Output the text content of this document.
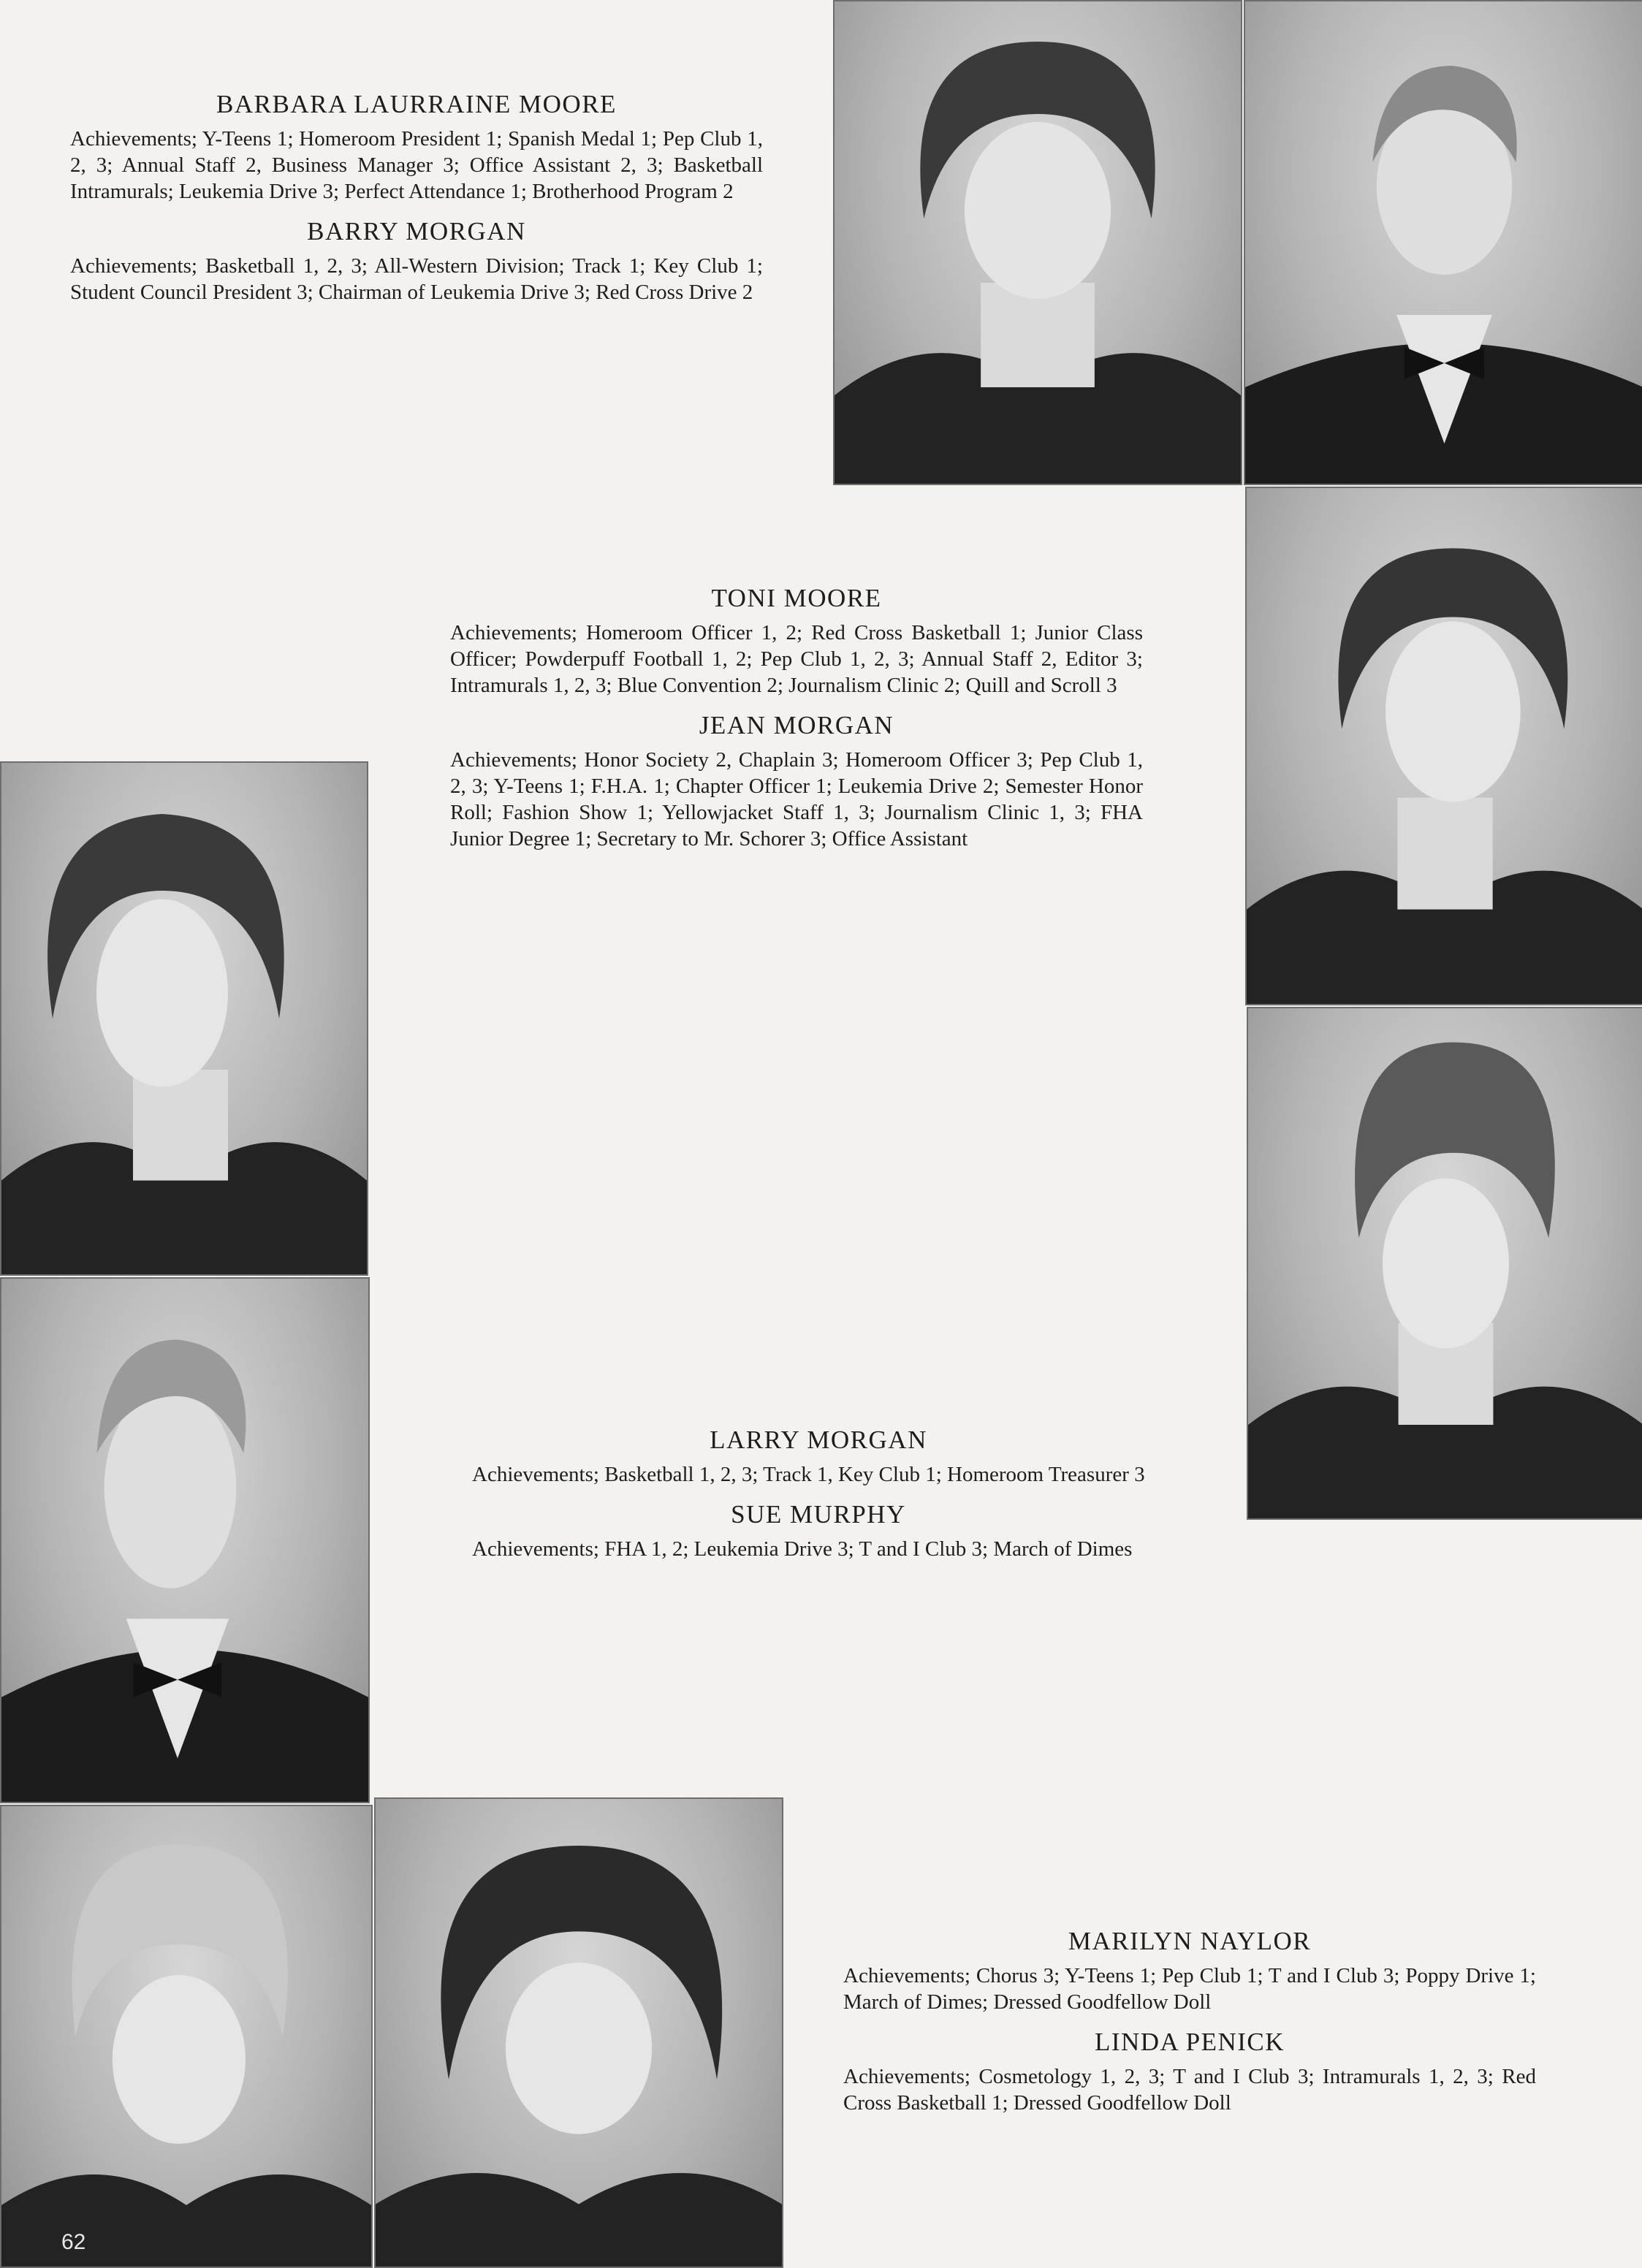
BARBARA LAURRAINE MOORE
Achievements; Y-Teens 1; Homeroom President 1; Spanish Medal 1; Pep Club 1, 2, 3; Annual Staff 2, Business Manager 3; Office Assistant 2, 3; Basketball Intramurals; Leukemia Drive 3; Perfect Attendance 1; Brotherhood Program 2
BARRY MORGAN
Achievements; Basketball 1, 2, 3; All-Western Division; Track 1; Key Club 1; Student Council President 3; Chairman of Leukemia Drive 3; Red Cross Drive 2
TONI MOORE
Achievements; Homeroom Officer 1, 2; Red Cross Basketball 1; Junior Class Officer; Powderpuff Football 1, 2; Pep Club 1, 2, 3; Annual Staff 2, Editor 3; Intramurals 1, 2, 3; Blue Convention 2; Journalism Clinic 2; Quill and Scroll 3
JEAN MORGAN
Achievements; Honor Society 2, Chaplain 3; Homeroom Officer 3; Pep Club 1, 2, 3; Y-Teens 1; F.H.A. 1; Chapter Officer 1; Leukemia Drive 2; Semester Honor Roll; Fashion Show 1; Yellowjacket Staff 1, 3; Journalism Clinic 1, 3; FHA Junior Degree 1; Secretary to Mr. Schorer 3; Office Assistant
LARRY MORGAN
Achievements; Basketball 1, 2, 3; Track 1, Key Club 1; Homeroom Treasurer 3
SUE MURPHY
Achievements; FHA 1, 2; Leukemia Drive 3; T and I Club 3; March of Dimes
MARILYN NAYLOR
Achievements; Chorus 3; Y-Teens 1; Pep Club 1; T and I Club 3; Poppy Drive 1; March of Dimes; Dressed Goodfellow Doll
LINDA PENICK
Achievements; Cosmetology 1, 2, 3; T and I Club 3; Intramurals 1, 2, 3; Red Cross Basketball 1; Dressed Goodfellow Doll
62
